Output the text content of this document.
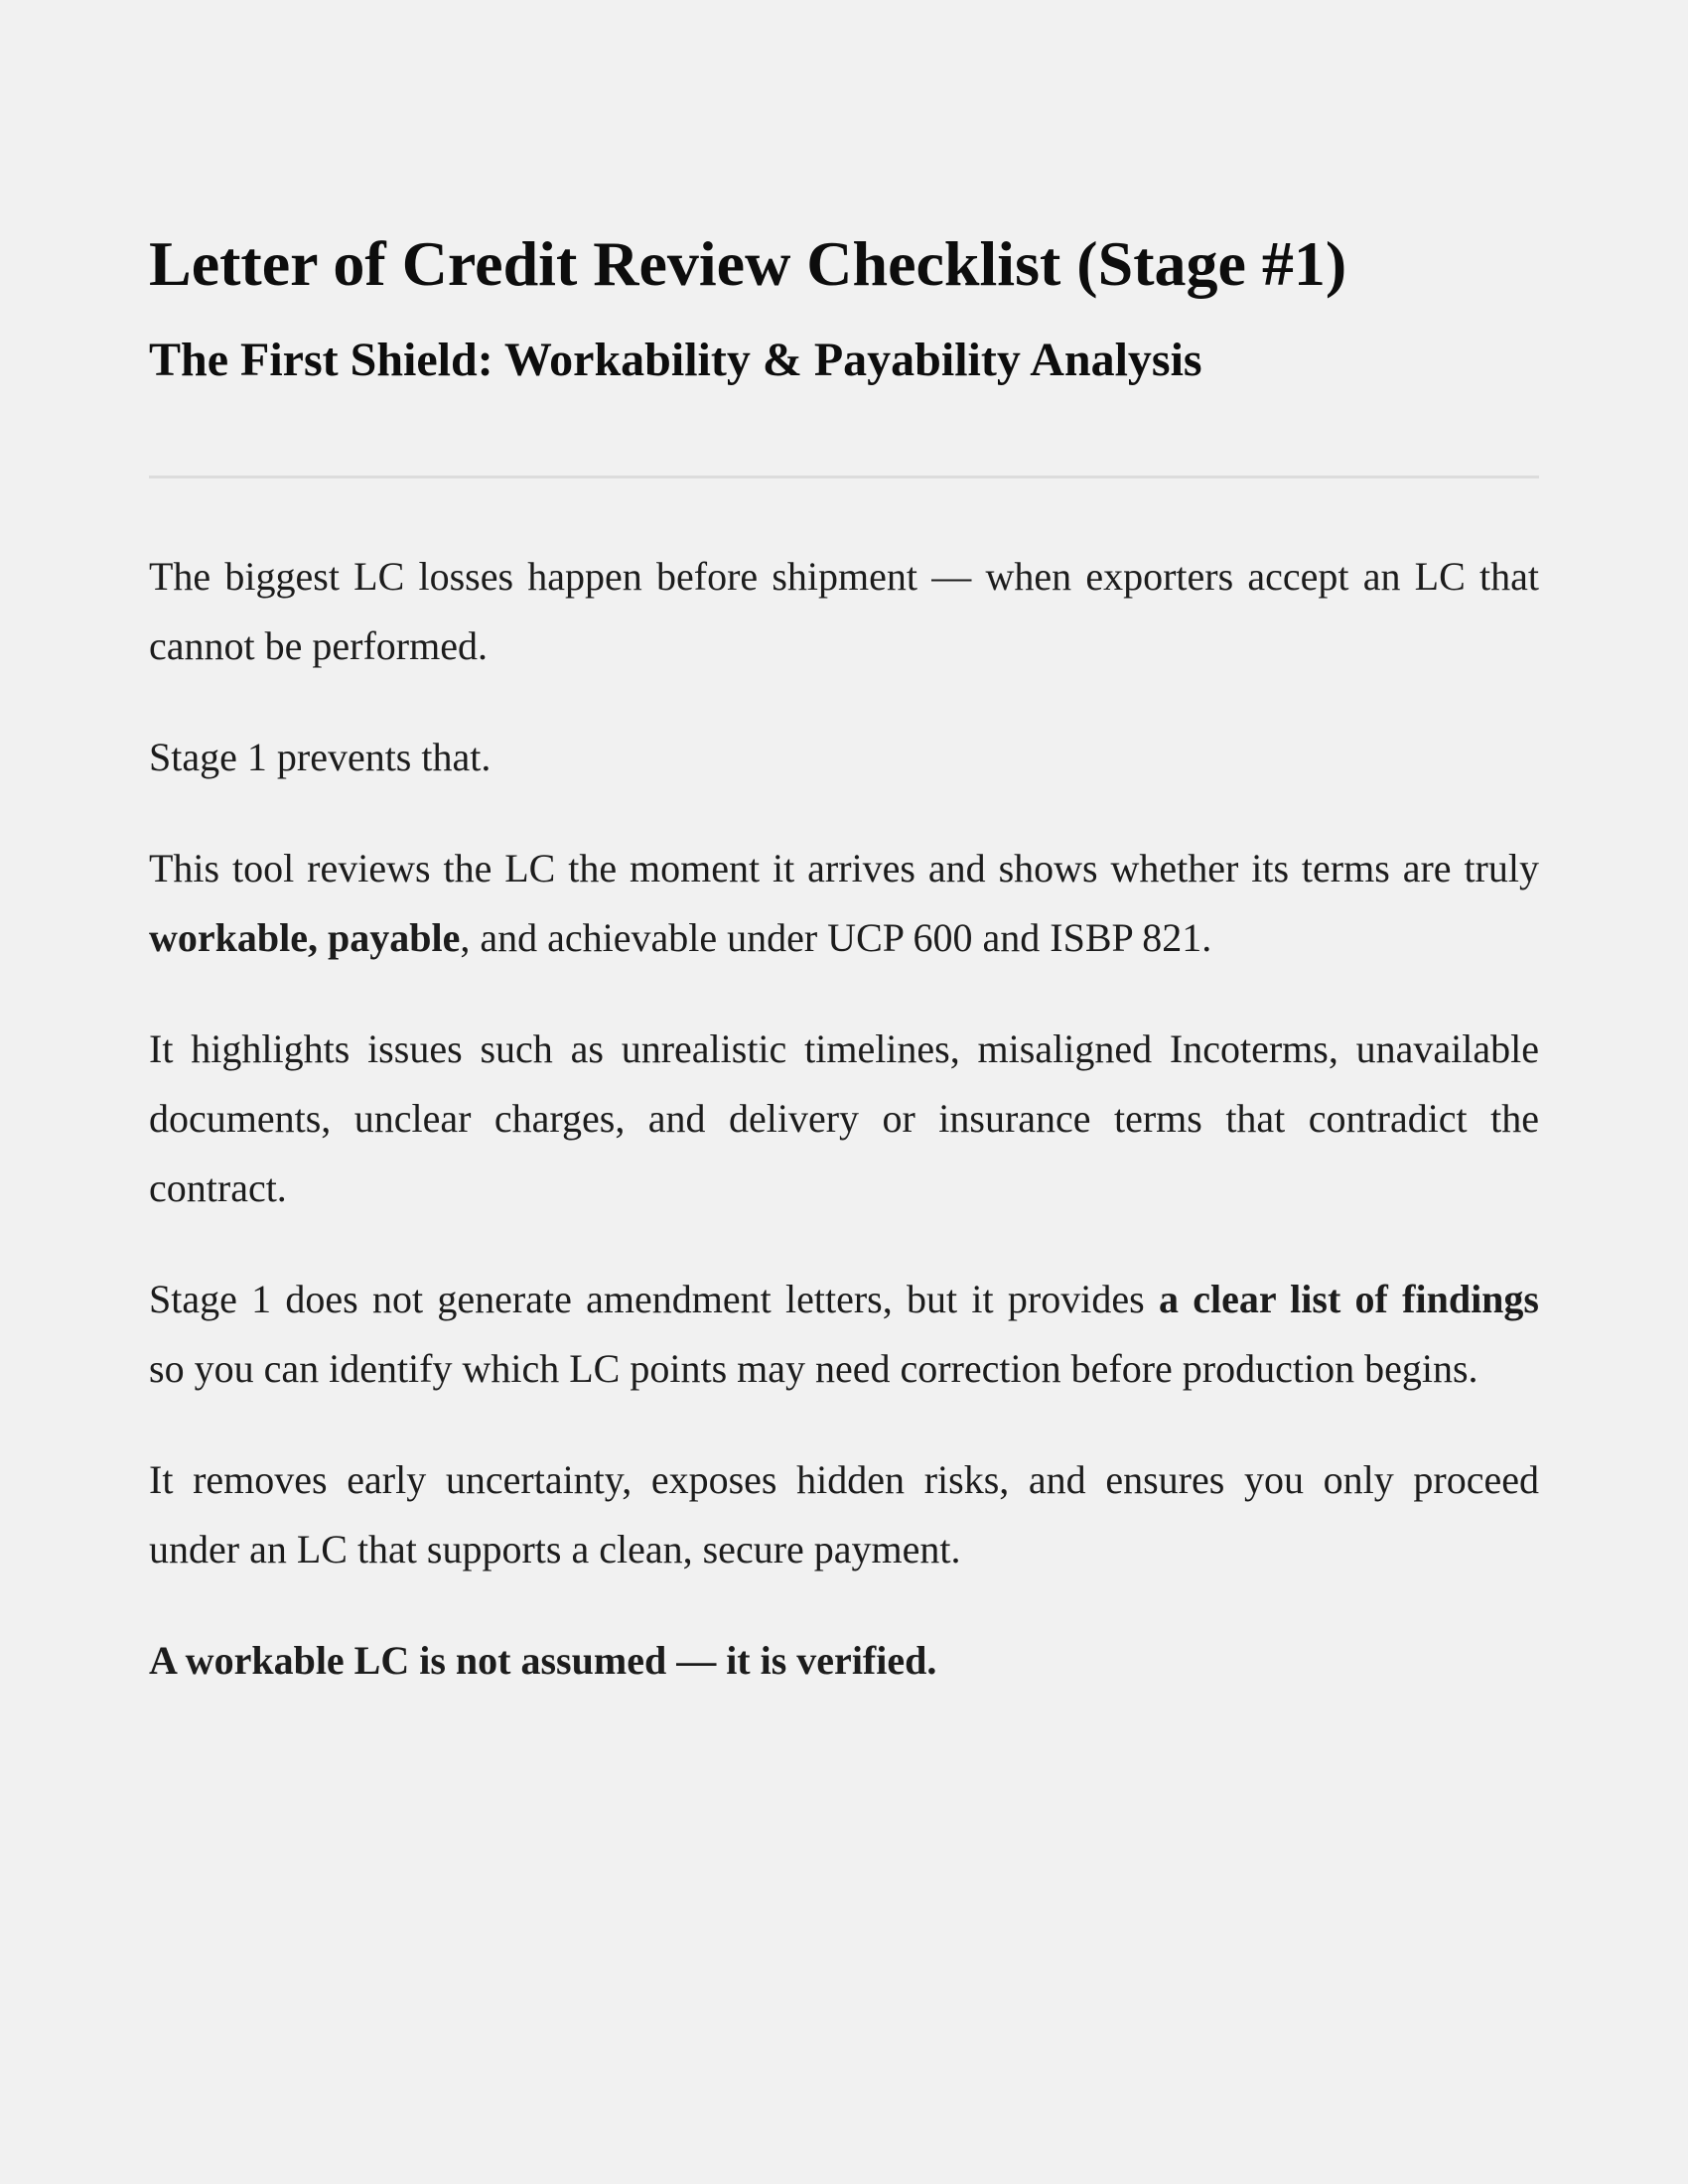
Letter of Credit Review Checklist (Stage #1)
The First Shield: Workability & Payability Analysis

The biggest LC losses happen before shipment — when exporters accept an LC that
cannot be performed.

Stage 1 prevents that.

This tool reviews the LC the moment it arrives and shows whether its terms are truly
workable, payable, and achievable under UCP 600 and ISBP 821.

It highlights issues such as unrealistic timelines, misaligned Incoterms, unavailable
documents, unclear charges, and delivery or insurance terms that contradict the
contract.

Stage 1 does not generate amendment letters, but it provides a clear list of findings
so you can identify which LC points may need correction before production begins.

It removes early uncertainty, exposes hidden risks, and ensures you only proceed
under an LC that supports a clean, secure payment.

A workable LC is not assumed — it is verified.
